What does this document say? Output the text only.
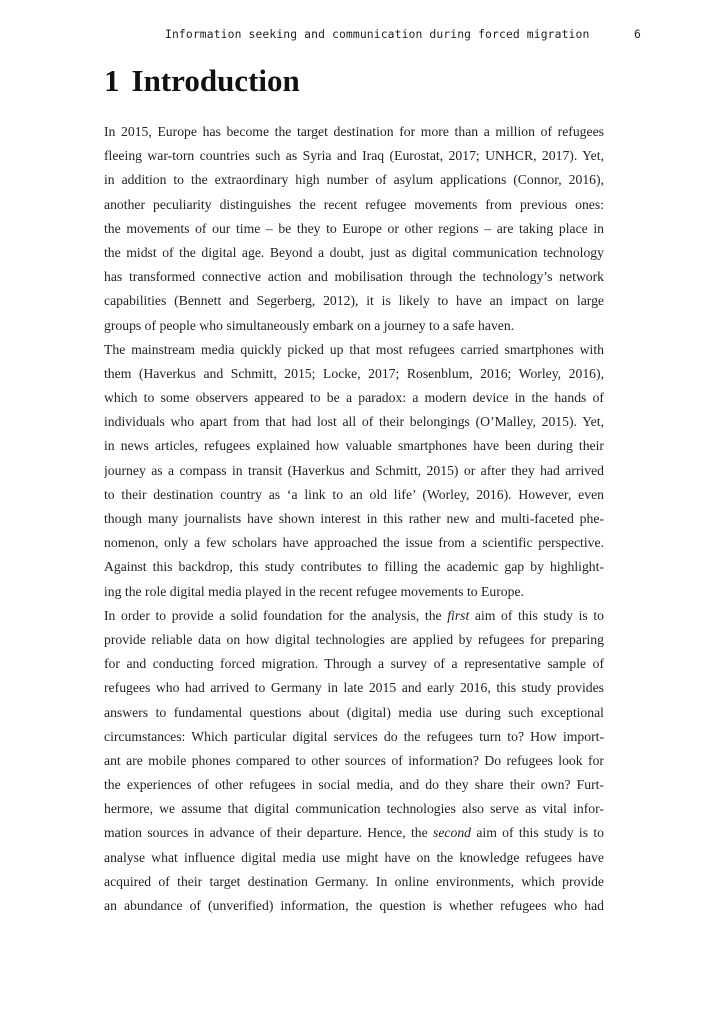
Information seeking and communication during forced migration	6
1 Introduction

In 2015, Europe has become the target destination for more than a million of refugees
fleeing war-torn countries such as Syria and Iraq (Eurostat, 2017; UNHCR, 2017). Yet,
in addition to the extraordinary high number of asylum applications (Connor, 2016),
another peculiarity distinguishes the recent refugee movements from previous ones:
the movements of our time – be they to Europe or other regions – are taking place in
the midst of the digital age. Beyond a doubt, just as digital communication technology
has transformed connective action and mobilisation through the technology’s network
capabilities (Bennett and Segerberg, 2012), it is likely to have an impact on large
groups of people who simultaneously embark on a journey to a safe haven.

The mainstream media quickly picked up that most refugees carried smartphones with
them (Haverkus and Schmitt, 2015; Locke, 2017; Rosenblum, 2016; Worley, 2016),
which to some observers appeared to be a paradox: a modern device in the hands of
individuals who apart from that had lost all of their belongings (O’Malley, 2015). Yet,
in news articles, refugees explained how valuable smartphones have been during their
journey as a compass in transit (Haverkus and Schmitt, 2015) or after they had arrived
to their destination country as ‘a link to an old life’ (Worley, 2016). However, even
though many journalists have shown interest in this rather new and multi-faceted phe-
nomenon, only a few scholars have approached the issue from a scientific perspective.
Against this backdrop, this study contributes to filling the academic gap by highlight-
ing the role digital media played in the recent refugee movements to Europe.

In order to provide a solid foundation for the analysis, the first aim of this study is to
provide reliable data on how digital technologies are applied by refugees for preparing
for and conducting forced migration. Through a survey of a representative sample of
refugees who had arrived to Germany in late 2015 and early 2016, this study provides
answers to fundamental questions about (digital) media use during such exceptional
circumstances: Which particular digital services do the refugees turn to? How import-
ant are mobile phones compared to other sources of information? Do refugees look for
the experiences of other refugees in social media, and do they share their own? Furt-
hermore, we assume that digital communication technologies also serve as vital infor-
mation sources in advance of their departure. Hence, the second aim of this study is to
analyse what influence digital media use might have on the knowledge refugees have
acquired of their target destination Germany. In online environments, which provide
an abundance of (unverified) information, the question is whether refugees who had
